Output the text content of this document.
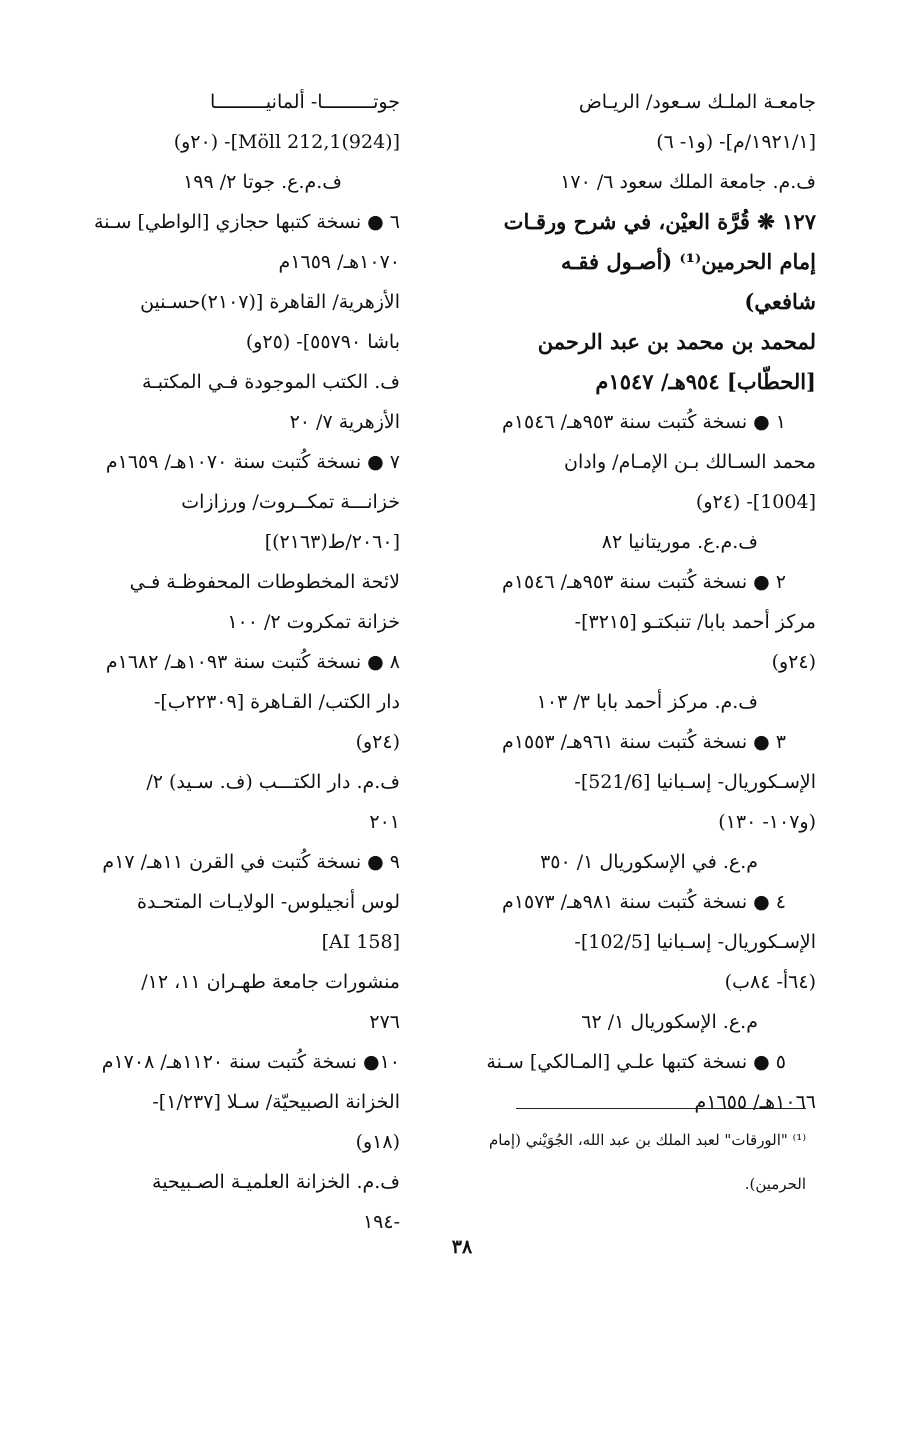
جامعـة الملـك سـعود/ الريـاض
[١٩٢١/١/م]- (و١- ٦)
ف.م. جامعة الملك سعود ٦/ ١٧٠
١٢٧ ❋ قُرَّة العيْن، في شرح ورقـات
إمام الحرمين⁽¹⁾ (أصـول فقـه
شافعي)
لمحمد بن محمد بن عبد الرحمن
[الحطّاب] ٩٥٤هـ/ ١٥٤٧م
١ ● نسخة كُتبت سنة ٩٥٣هـ/ ١٥٤٦م
محمد السـالك بـن الإمـام/ وادان
[1004]- (٢٤و)
ف.م.ع. موريتانيا ٨٢
٢ ● نسخة كُتبت سنة ٩٥٣هـ/ ١٥٤٦م
مركز أحمد بابا/ تنبكتـو [٣٢١٥]-
(٢٤و)
ف.م. مركز أحمد بابا ٣/ ١٠٣
٣ ● نسخة كُتبت سنة ٩٦١هـ/ ١٥٥٣م
الإسـكوريال- إسـبانيا [521/6]-
(و١٠٧- ١٣٠)
م.ع. في الإسكوريال ١/ ٣٥٠
٤ ● نسخة كُتبت سنة ٩٨١هـ/ ١٥٧٣م
الإسـكوريال- إسـبانيا [102/5]-
(٦٤أ- ٨٤ب)
م.ع. الإسكوريال ١/ ٦٢
٥ ● نسخة كتبها علـي [المـالكي] سـنة
١٠٦٦هـ/ ١٦٥٥م
جوتـــــــــا- ألمانيـــــــــا
[(924)Möll 212,1]- (٢٠و)
ف.م.ع. جوتا ٢/ ١٩٩
٦ ● نسخة كتبها حجازي [الواطي] سـنة
١٠٧٠هـ/ ١٦٥٩م
الأزهرية/ القاهرة [(٢١٠٧)حسـنين
باشا ٥٥٧٩٠]- (٢٥و)
ف. الكتب الموجودة فـي المكتبـة
الأزهرية ٧/ ٢٠
٧ ● نسخة كُتبت سنة ١٠٧٠هـ/ ١٦٥٩م
خزانـــة تمكــروت/ ورزازات
[٢٠٦٠/ط(٢١٦٣)]
لائحة المخطوطات المحفوظـة فـي
خزانة تمكروت ٢/ ١٠٠
٨ ● نسخة كُتبت سنة ١٠٩٣هـ/ ١٦٨٢م
دار الكتب/ القـاهرة [٢٢٣٠٩ب]-
(٢٤و)
ف.م. دار الكتـــب (ف. سـيد) ٢/
٢٠١
٩ ● نسخة كُتبت في القرن ١١هـ/ ١٧م
لوس أنجيلوس- الولايـات المتحـدة
[AI 158]
منشورات جامعة طهـران ١١، ١٢/
٢٧٦
١٠● نسخة كُتبت سنة ١١٢٠هـ/ ١٧٠٨م
الخزانة الصبيحيّة/ سـلا [١/٢٣٧]-
(١٨و)
ف.م. الخزانة العلميـة الصـبيحية
-١٩٤
⁽¹⁾ "الورقات" لعبد الملك بن عبد الله، الجُوَيْني (إمام
الحرمين).
٣٨
